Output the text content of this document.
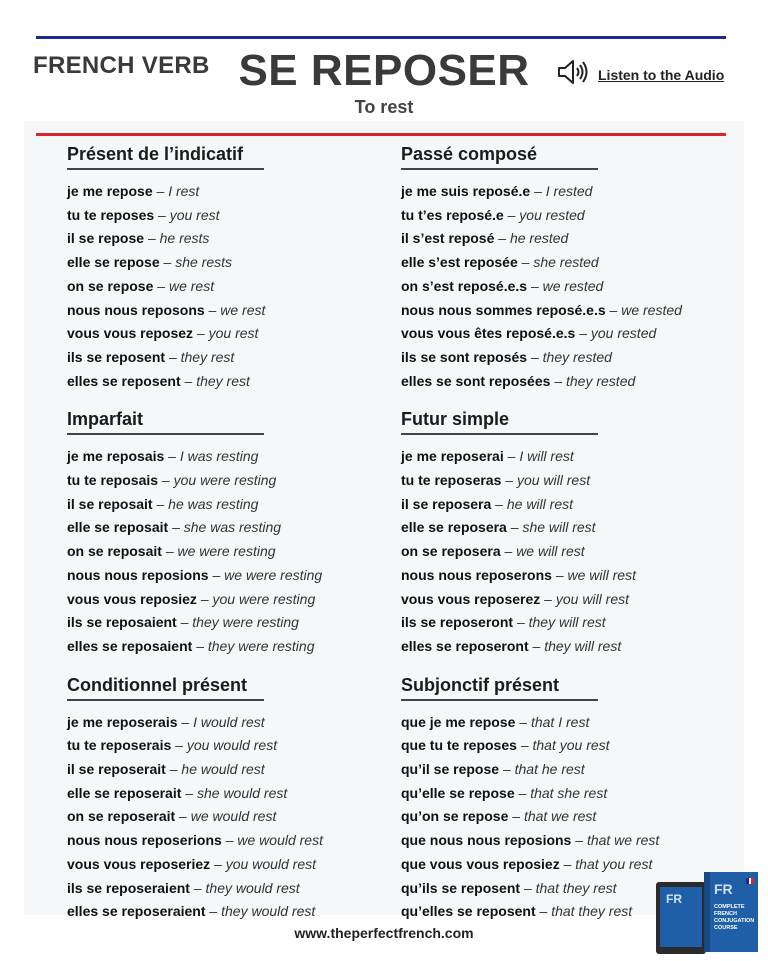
FRENCH VERB SE REPOSER
To rest
Listen to the Audio
Présent de l’indicatif
je me repose – I rest
tu te reposes – you rest
il se repose – he rests
elle se repose – she rests
on se repose – we rest
nous nous reposons – we rest
vous vous reposez – you rest
ils se reposent – they rest
elles se reposent – they rest
Imparfait
je me reposais – I was resting
tu te reposais – you were resting
il se reposait – he was resting
elle se reposait – she was resting
on se reposait – we were resting
nous nous reposions – we were resting
vous vous reposiez – you were resting
ils se reposaient – they were resting
elles se reposaient – they were resting
Conditionnel présent
je me reposerais – I would rest
tu te reposerais – you would rest
il se reposerait – he would rest
elle se reposerait – she would rest
on se reposerait – we would rest
nous nous reposerions – we would rest
vous vous reposeriez – you would rest
ils se reposeraient – they would rest
elles se reposeraient – they would rest
Passé composé
je me suis reposé.e – I rested
tu t’es reposé.e – you rested
il s’est reposé – he rested
elle s’est reposée – she rested
on s’est reposé.e.s – we rested
nous nous sommes reposé.e.s – we rested
vous vous êtes reposé.e.s – you rested
ils se sont reposés – they rested
elles se sont reposées – they rested
Futur simple
je me reposerai – I will rest
tu te reposeras – you will rest
il se reposera – he will rest
elle se reposera – she will rest
on se reposera – we will rest
nous nous reposerons – we will rest
vous vous reposerez – you will rest
ils se reposeront – they will rest
elles se reposeront – they will rest
Subjonctif présent
que je me repose – that I rest
que tu te reposes – that you rest
qu’il se repose – that he rest
qu’elle se repose – that she rest
qu’on se repose – that we rest
que nous nous reposions – that we rest
que vous vous reposiez – that you rest
qu’ils se reposent – that they rest
qu’elles se reposent – that they rest
www.theperfectfrench.com
FR
FR
COMPLETE
FRENCH
CONJUGATION
COURSE
